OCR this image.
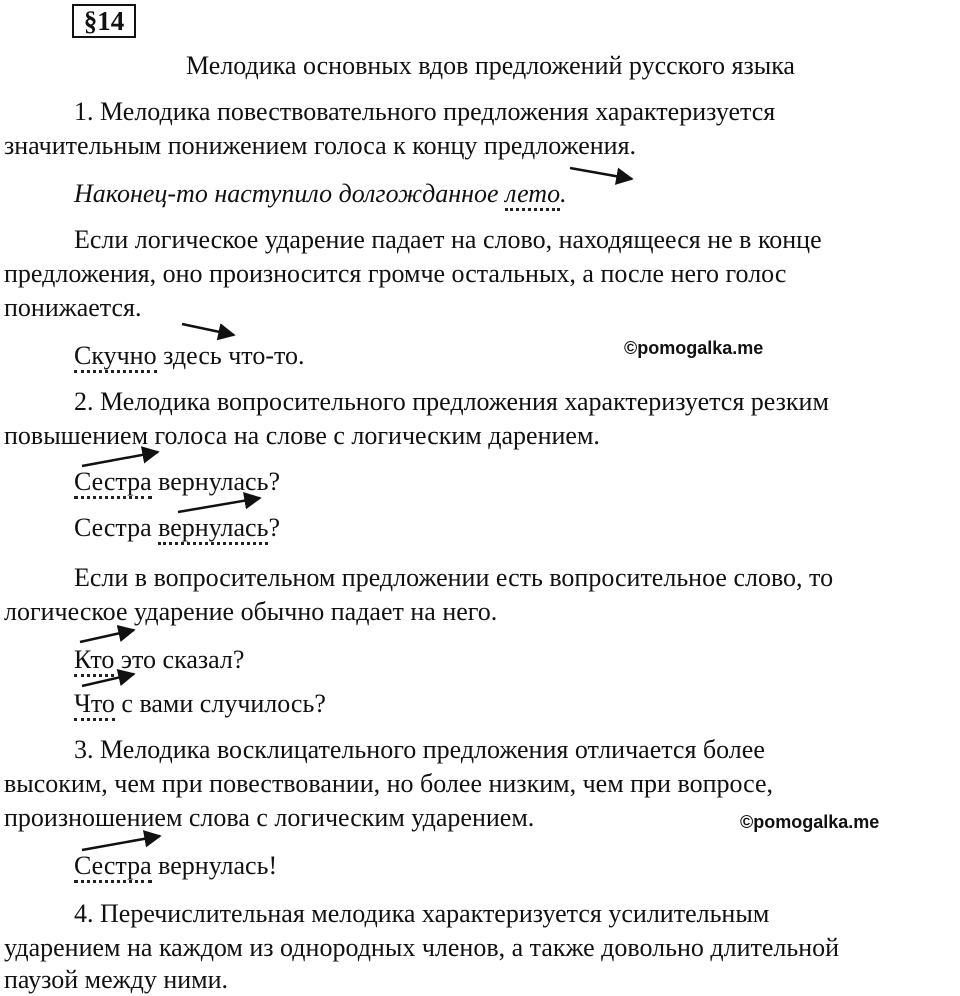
§14
Мелодика основных вдов предложений русского языка
1. Мелодика повествовательного предложения характеризуется
значительным понижением голоса к концу предложения.
Наконец-то наступило долгожданное лето.
Если логическое ударение падает на слово, находящееся не в конце
предложения, оно произносится громче остальных, а после него голос
понижается.
Скучно здесь что-то.	©pomogalka.me
2. Мелодика вопросительного предложения характеризуется резким
повышением голоса на слове с логическим дарением.
Сестра вернулась?
Сестра вернулась?
Если в вопросительном предложении есть вопросительное слово, то
логическое ударение обычно падает на него.
Кто это сказал?
Что с вами случилось?
3. Мелодика восклицательного предложения отличается более
высоким, чем при повествовании, но более низким, чем при вопросе,
произношением слова с логическим ударением.	©pomogalka.me
Сестра вернулась!
4. Перечислительная мелодика характеризуется усилительным
ударением на каждом из однородных членов, а также довольно длительной
паузой между ними.
